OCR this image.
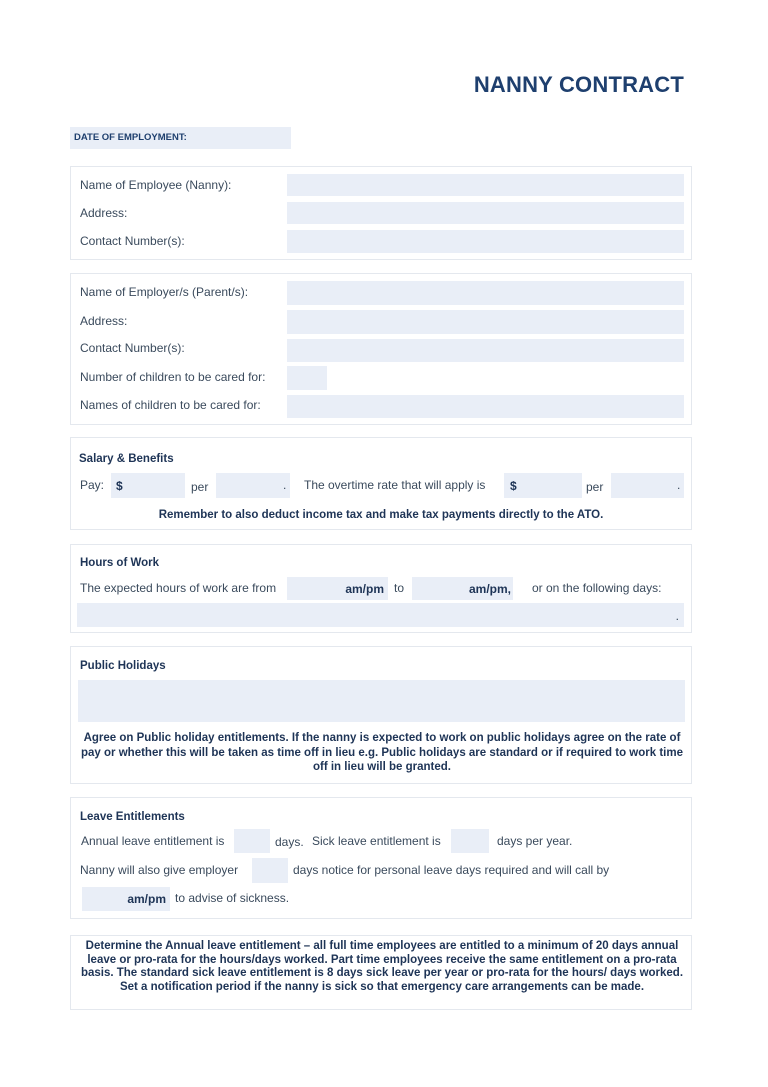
NANNY CONTRACT
DATE OF EMPLOYMENT:
Name of Employee (Nanny):
Address:
Contact Number(s):
Name of Employer/s (Parent/s):
Address:
Contact Number(s):
Number of children to be cared for:
Names of children to be cared for:
Salary & Benefits
Pay: $	per	. The overtime rate that will apply is $	per	.
Remember to also deduct income tax and make tax payments directly to the ATO.
Hours of Work
The expected hours of work are from	am/pm to	am/pm, or on the following days:
.
Public Holidays
Agree on Public holiday entitlements. If the nanny is expected to work on public holidays agree on the rate of pay or whether this will be taken as time off in lieu e.g. Public holidays are standard or if required to work time off in lieu will be granted.
Leave Entitlements
Annual leave entitlement is	days. Sick leave entitlement is	days per year.
Nanny will also give employer	days notice for personal leave days required and will call by
am/pm to advise of sickness.
Determine the Annual leave entitlement – all full time employees are entitled to a minimum of 20 days annual leave or pro-rata for the hours/days worked. Part time employees receive the same entitlement on a pro-rata basis. The standard sick leave entitlement is 8 days sick leave per year or pro-rata for the hours/ days worked. Set a notification period if the nanny is sick so that emergency care arrangements can be made.
